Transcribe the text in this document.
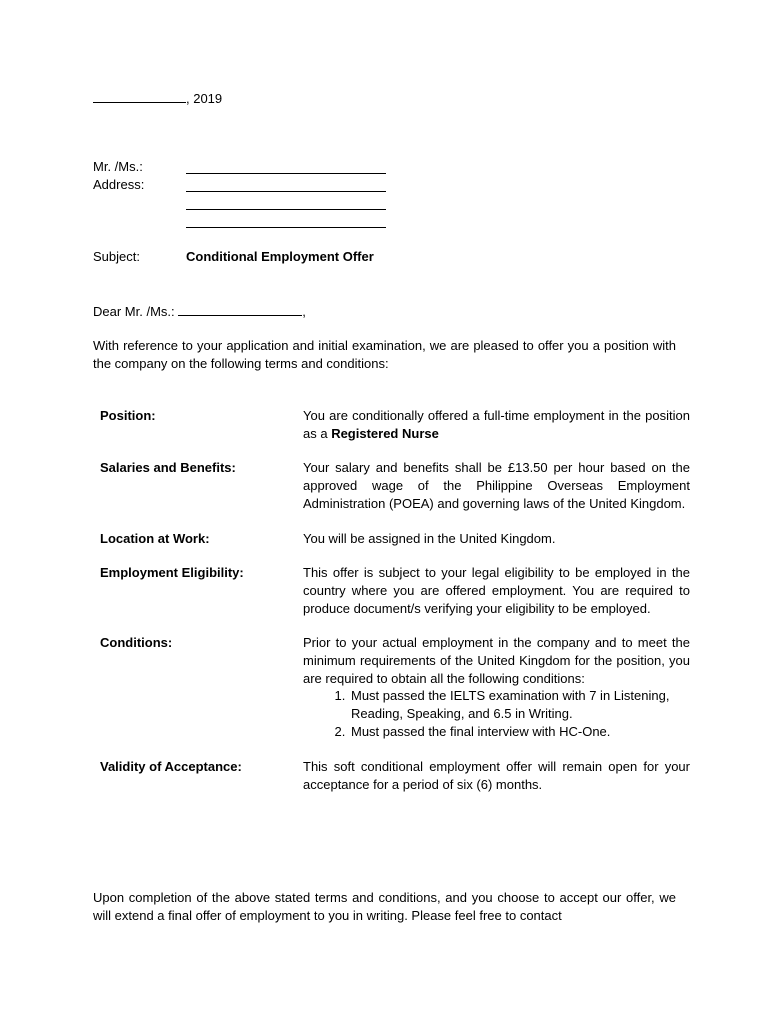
, 2019
Mr. /Ms.:
Address:
Subject:	Conditional Employment Offer
Dear Mr. /Ms.:	,

With reference to your application and initial examination, we are pleased to offer you a position with the company on the following terms and conditions:

Position:	You are conditionally offered a full-time employment in the position as a Registered Nurse
Salaries and Benefits:	Your salary and benefits shall be £13.50 per hour based on the approved wage of the Philippine Overseas Employment Administration (POEA) and governing laws of the United Kingdom.
Location at Work:	You will be assigned in the United Kingdom.
Employment Eligibility:	This offer is subject to your legal eligibility to be employed in the country where you are offered employment. You are required to produce document/s verifying your eligibility to be employed.
Conditions:	Prior to your actual employment in the company and to meet the minimum requirements of the United Kingdom for the position, you are required to obtain all the following conditions:
1. Must passed the IELTS examination with 7 in Listening, Reading, Speaking, and 6.5 in Writing.
2. Must passed the final interview with HC-One.
Validity of Acceptance:	This soft conditional employment offer will remain open for your acceptance for a period of six (6) months.

Upon completion of the above stated terms and conditions, and you choose to accept our offer, we will extend a final offer of employment to you in writing. Please feel free to contact
